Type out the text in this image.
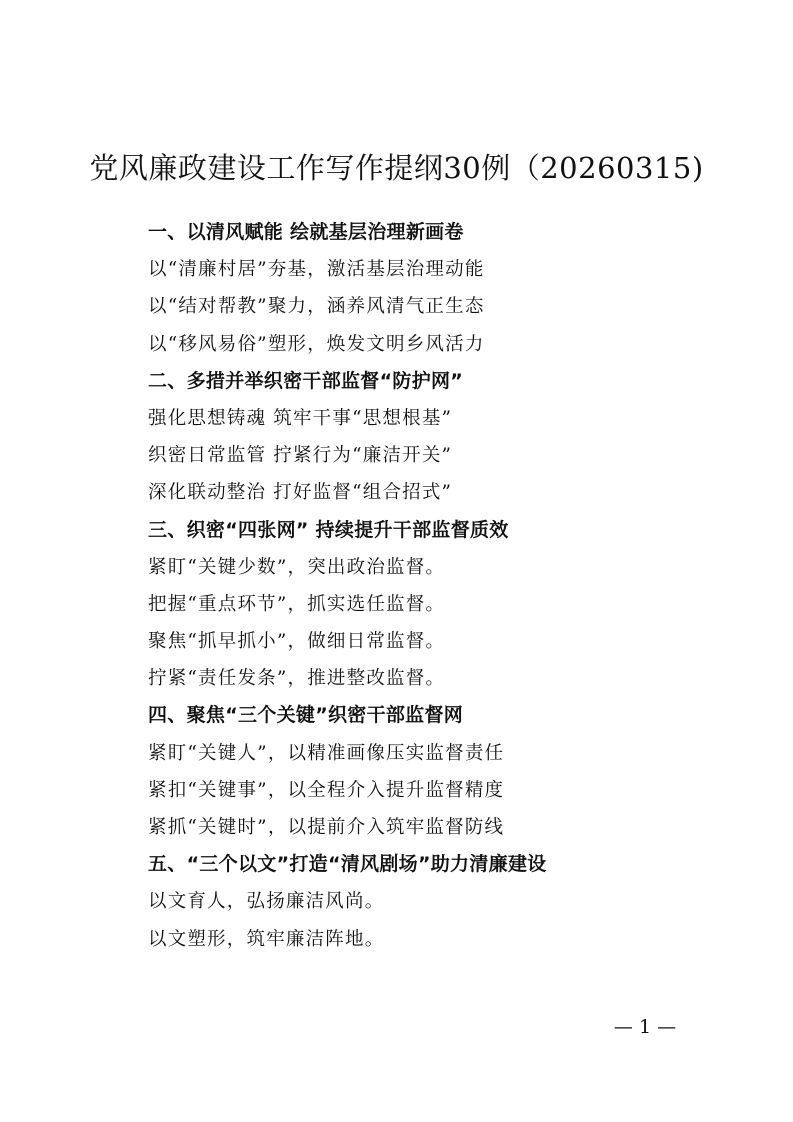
党风廉政建设工作写作提纲30例（20260315)
一、以清风赋能 绘就基层治理新画卷
以“清廉村居”夯基，激活基层治理动能
以“结对帮教”聚力，涵养风清气正生态
以“移风易俗”塑形，焕发文明乡风活力
二、多措并举织密干部监督“防护网”
强化思想铸魂 筑牢干事“思想根基”
织密日常监管 拧紧行为“廉洁开关”
深化联动整治 打好监督“组合招式”
三、织密“四张网” 持续提升干部监督质效
紧盯“关键少数”，突出政治监督。
把握“重点环节”，抓实选任监督。
聚焦“抓早抓小”，做细日常监督。
拧紧“责任发条”，推进整改监督。
四、聚焦“三个关键”织密干部监督网
紧盯“关键人”，以精准画像压实监督责任
紧扣“关键事”，以全程介入提升监督精度
紧抓“关键时”，以提前介入筑牢监督防线
五、“三个以文”打造“清风剧场”助力清廉建设
以文育人，弘扬廉洁风尚。
以文塑形，筑牢廉洁阵地。
— 1 —
